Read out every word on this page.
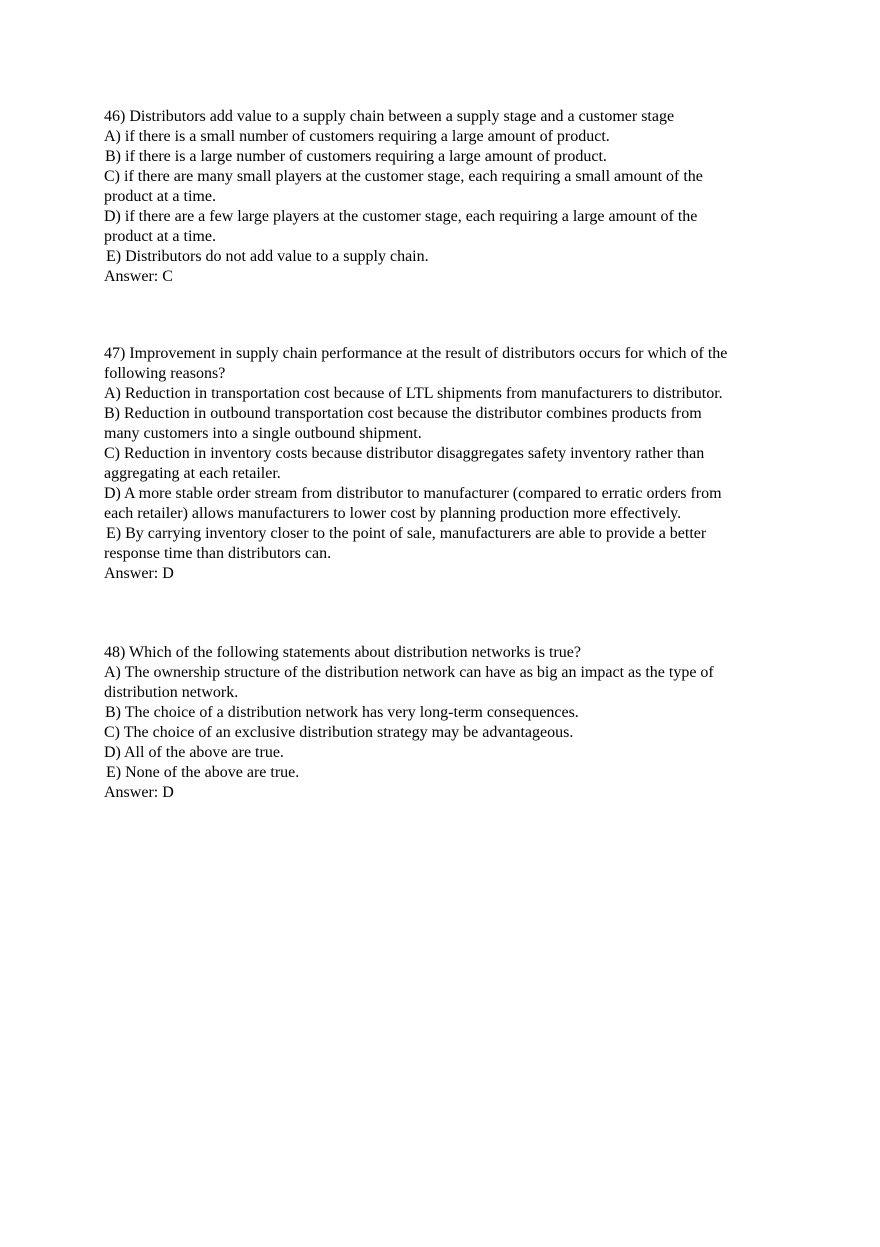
46) Distributors add value to a supply chain between a supply stage and a customer stage
A) if there is a small number of customers requiring a large amount of product.
B) if there is a large number of customers requiring a large amount of product.
C) if there are many small players at the customer stage, each requiring a small amount of the
product at a time.
D) if there are a few large players at the customer stage, each requiring a large amount of the
product at a time.
E) Distributors do not add value to a supply chain.
Answer: C
47) Improvement in supply chain performance at the result of distributors occurs for which of the
following reasons?
A) Reduction in transportation cost because of LTL shipments from manufacturers to distributor.
B) Reduction in outbound transportation cost because the distributor combines products from
many customers into a single outbound shipment.
C) Reduction in inventory costs because distributor disaggregates safety inventory rather than
aggregating at each retailer.
D) A more stable order stream from distributor to manufacturer (compared to erratic orders from
each retailer) allows manufacturers to lower cost by planning production more effectively.
E) By carrying inventory closer to the point of sale, manufacturers are able to provide a better
response time than distributors can.
Answer: D
48) Which of the following statements about distribution networks is true?
A) The ownership structure of the distribution network can have as big an impact as the type of
distribution network.
B) The choice of a distribution network has very long-term consequences.
C) The choice of an exclusive distribution strategy may be advantageous.
D) All of the above are true.
E) None of the above are true.
Answer: D
